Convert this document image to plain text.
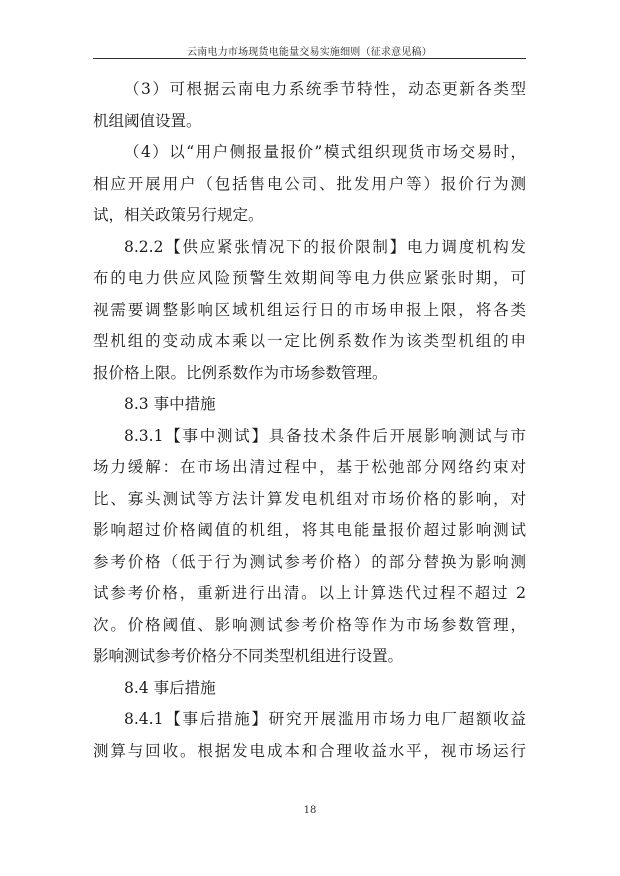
云南电力市场现货电能量交易实施细则（征求意见稿）
（3）可根据云南电力系统季节特性，动态更新各类型
机组阈值设置。
（4）以“用户侧报量报价”模式组织现货市场交易时，
相应开展用户（包括售电公司、批发用户等）报价行为测
试，相关政策另行规定。
8.2.2【供应紧张情况下的报价限制】电力调度机构发
布的电力供应风险预警生效期间等电力供应紧张时期，可
视需要调整影响区域机组运行日的市场申报上限，将各类
型机组的变动成本乘以一定比例系数作为该类型机组的申
报价格上限。比例系数作为市场参数管理。
8.3 事中措施
8.3.1【事中测试】具备技术条件后开展影响测试与市
场力缓解：在市场出清过程中，基于松弛部分网络约束对
比、寡头测试等方法计算发电机组对市场价格的影响，对
影响超过价格阈值的机组，将其电能量报价超过影响测试
参考价格（低于行为测试参考价格）的部分替换为影响测
试参考价格，重新进行出清。以上计算迭代过程不超过 2
次。价格阈值、影响测试参考价格等作为市场参数管理，
影响测试参考价格分不同类型机组进行设置。
8.4 事后措施
8.4.1【事后措施】研究开展滥用市场力电厂超额收益
测算与回收。根据发电成本和合理收益水平，视市场运行
18
